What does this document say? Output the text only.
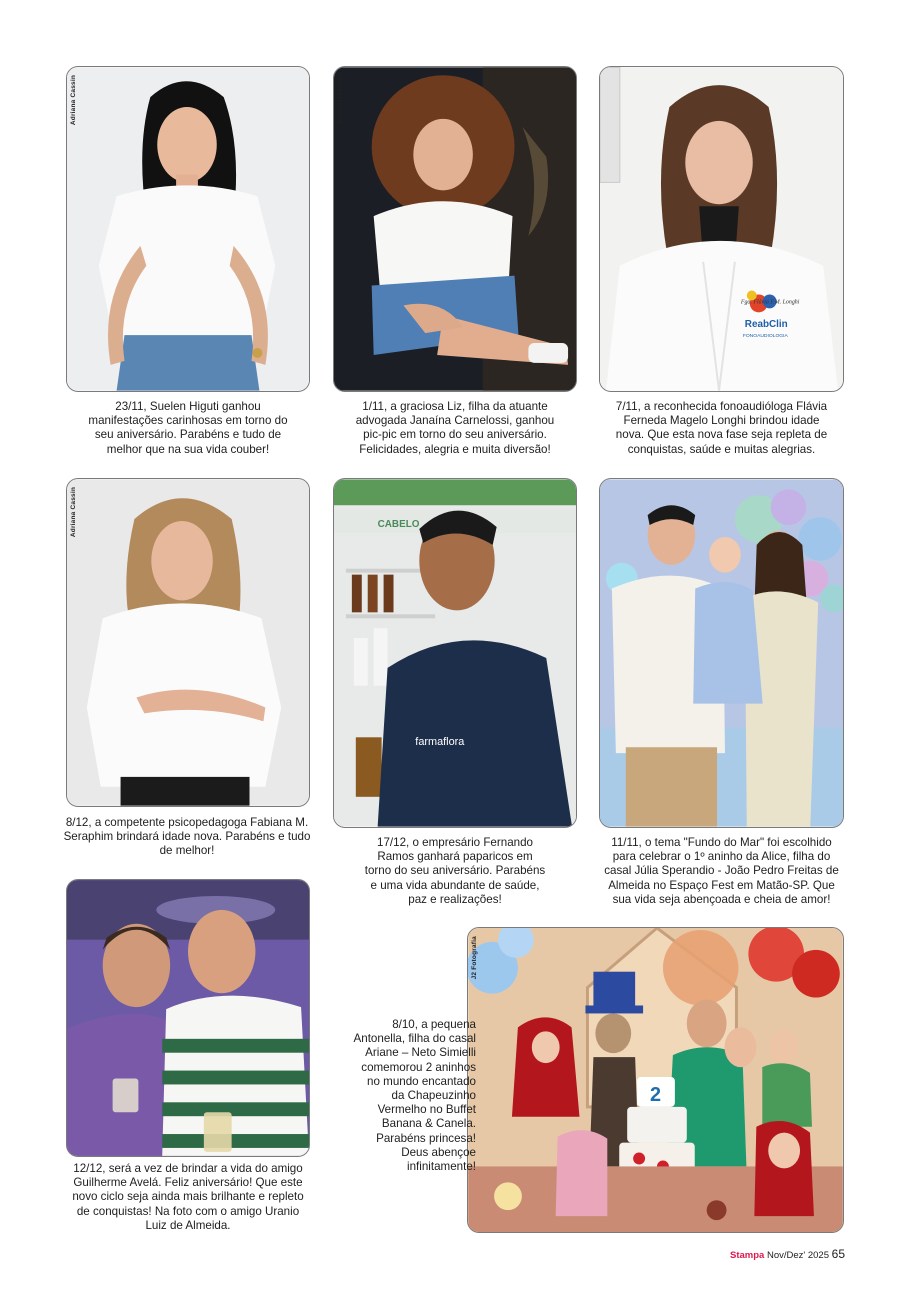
Adriana Cassin
23/11, Suelen Higuti ganhou manifestações carinhosas em torno do seu aniversário. Parabéns e tudo de melhor que na sua vida couber!
Daniel Navarro
1/11, a graciosa Liz, filha da atuante advogada Janaína Carnelossi, ganhou pic-pic em torno do seu aniversário. Felicidades, alegria e muita diversão!
Fga. Flávia F.M. Longhi
ReabClin
FONOAUDIOLOGIA
7/11, a reconhecida fonoaudióloga Flávia Ferneda Magelo Longhi brindou idade nova. Que esta nova fase seja repleta de conquistas, saúde e muitas alegrias.
Adriana Cassin
8/12, a competente psicopedagoga Fabiana M. Seraphim brindará idade nova. Parabéns e tudo de melhor!
CABELO
farmaflora
17/12, o empresário Fernando Ramos ganhará paparicos em torno do seu aniversário. Parabéns e uma vida abundante de saúde, paz e realizações!
11/11, o tema "Fundo do Mar" foi escolhido para celebrar o 1º aninho da Alice, filha do casal Júlia Sperandio - João Pedro Freitas de Almeida no Espaço Fest em Matão-SP. Que sua vida seja abençoada e cheia de amor!
12/12, será a vez de brindar a vida do amigo Guilherme Avelá. Feliz aniversário! Que este novo ciclo seja ainda mais brilhante e repleto de conquistas! Na foto com o amigo Uranio Luiz de Almeida.
2
J2 Fotografia
8/10, a pequena Antonella, filha do casal Ariane – Neto Simielli comemorou 2 aninhos no mundo encantado da Chapeuzinho Vermelho no Buffet Banana & Canela. Parabéns princesa! Deus abençoe infinitamente!
Stampa Nov/Dez' 2025 65
